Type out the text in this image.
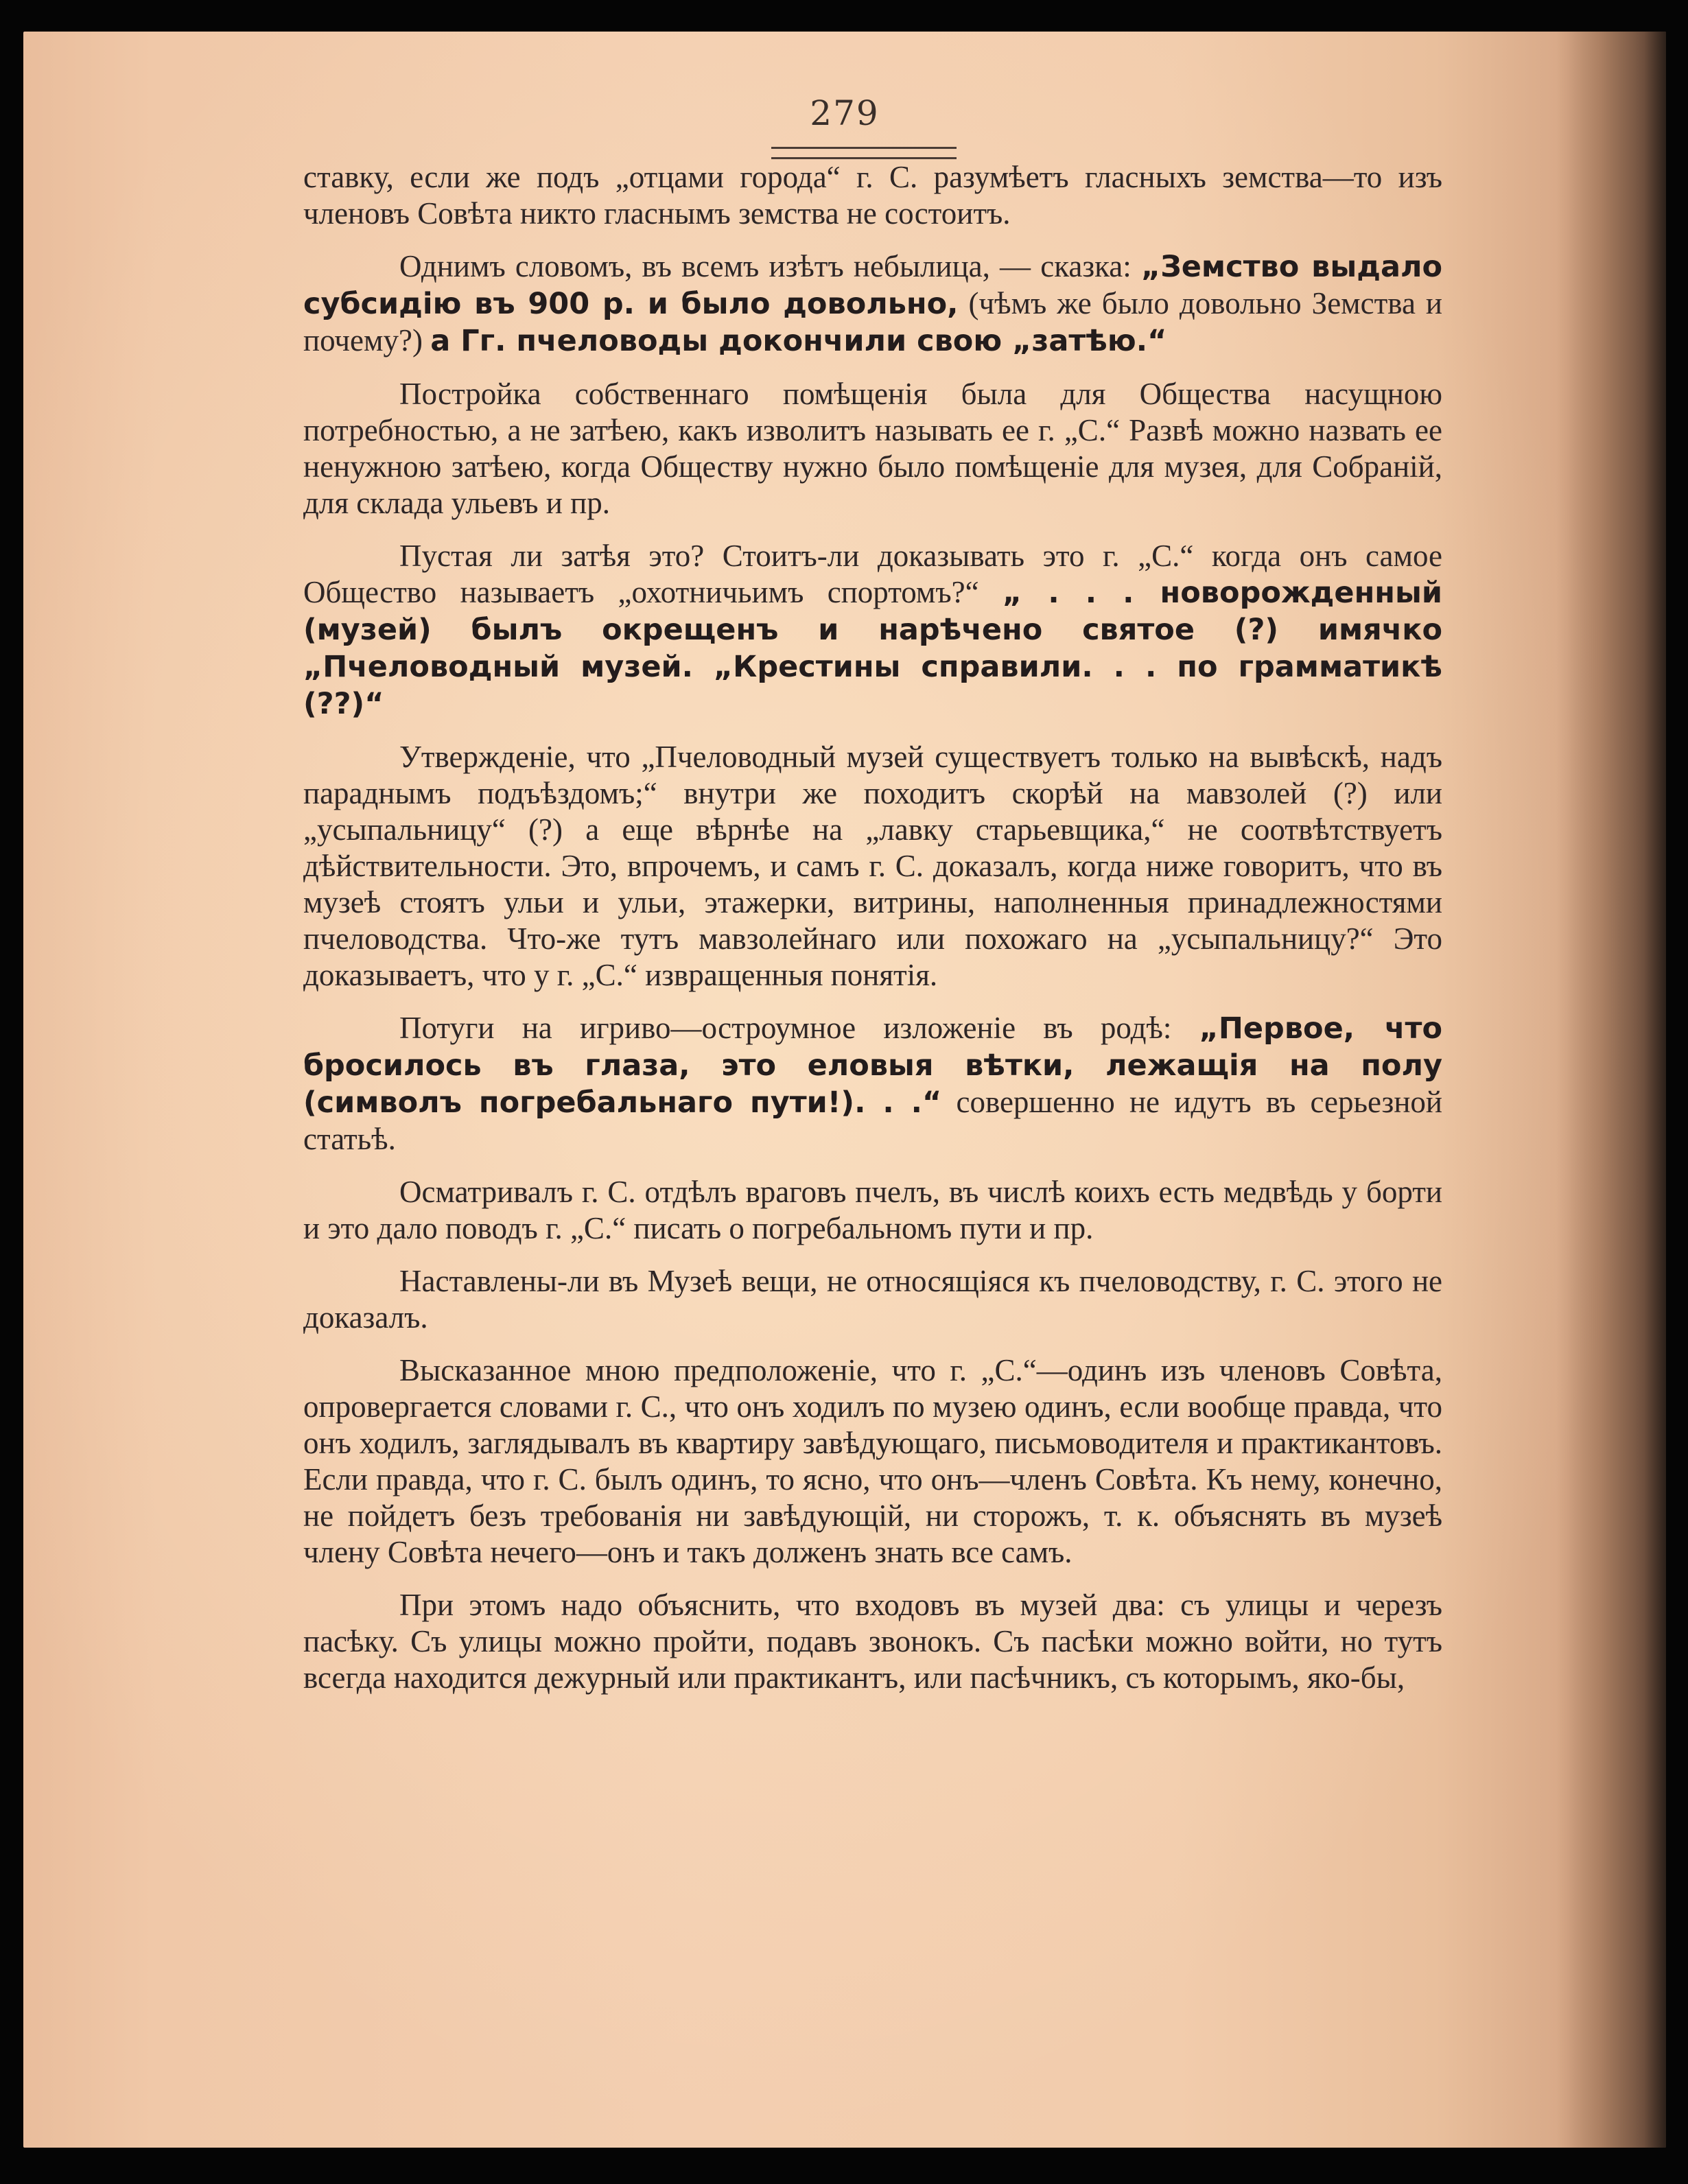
279

ставку, если же подъ „отцами города“ г. С. разумѣетъ гласныхъ земства—то изъ членовъ Совѣта никто гласнымъ земства не состоитъ.

Однимъ словомъ, въ всемъ изѣтъ небылица, — сказка: „Земство выдало субсидію въ 900 р. и было довольно, (чѣмъ же было довольно Земства и почему?) а Гг. пчеловоды докончили свою „затѣю.“

Постройка собственнаго помѣщенія была для Общества насущною потребностью, а не затѣею, какъ изволитъ называть ее г. „С.“ Развѣ можно назвать ее ненужною затѣею, когда Обществу нужно было помѣщеніе для музея, для Собраній, для склада ульевъ и пр.

Пустая ли затѣя это? Стоитъ-ли доказывать это г. „С.“ когда онъ самое Общество называетъ „охотничьимъ спортомъ?“ „ . . . новорожденный (музей) былъ окрещенъ и нарѣчено святое (?) имячко „Пчеловодный музей. „Крестины справили. . . по грамматикѣ (??)“

Утвержденіе, что „Пчеловодный музей существуетъ только на вывѣскѣ, надъ параднымъ подъѣздомъ;“ внутри же походитъ скорѣй на мавзолей (?) или „усыпальницу“ (?) а еще вѣрнѣе на „лавку старьевщика,“ не соотвѣтствуетъ дѣйствительности. Это, впрочемъ, и самъ г. С. доказалъ, когда ниже говоритъ, что въ музеѣ стоятъ ульи и ульи, этажерки, витрины, наполненныя принадлежностями пчеловодства. Что-же тутъ мавзолейнаго или похожаго на „усыпальницу?“ Это доказываетъ, что у г. „С.“ извращенныя понятія.

Потуги на игриво—остроумное изложеніе въ родѣ: „Первое, что бросилось въ глаза, это еловыя вѣтки, лежащія на полу (символъ погребальнаго пути!). . .“ совершенно не идутъ въ серьезной статьѣ.

Осматривалъ г. С. отдѣлъ враговъ пчелъ, въ числѣ коихъ есть медвѣдь у борти и это дало поводъ г. „С.“ писать о погребальномъ пути и пр.

Наставлены-ли въ Музеѣ вещи, не относящіяся къ пчеловодству, г. С. этого не доказалъ.

Высказанное мною предположеніе, что г. „С.“—одинъ изъ членовъ Совѣта, опровергается словами г. С., что онъ ходилъ по музею одинъ, если вообще правда, что онъ ходилъ, заглядывалъ въ квартиру завѣдующаго, письмоводителя и практикантовъ. Если правда, что г. С. былъ одинъ, то ясно, что онъ—членъ Совѣта. Къ нему, конечно, не пойдетъ безъ требованія ни завѣдующій, ни сторожъ, т. к. объяснять въ музеѣ члену Совѣта нечего—онъ и такъ долженъ знать все самъ.

При этомъ надо объяснить, что входовъ въ музей два: съ улицы и черезъ пасѣку. Съ улицы можно пройти, подавъ звонокъ. Съ пасѣки можно войти, но тутъ всегда находится дежурный или практикантъ, или пасѣчникъ, съ которымъ, яко-бы,
